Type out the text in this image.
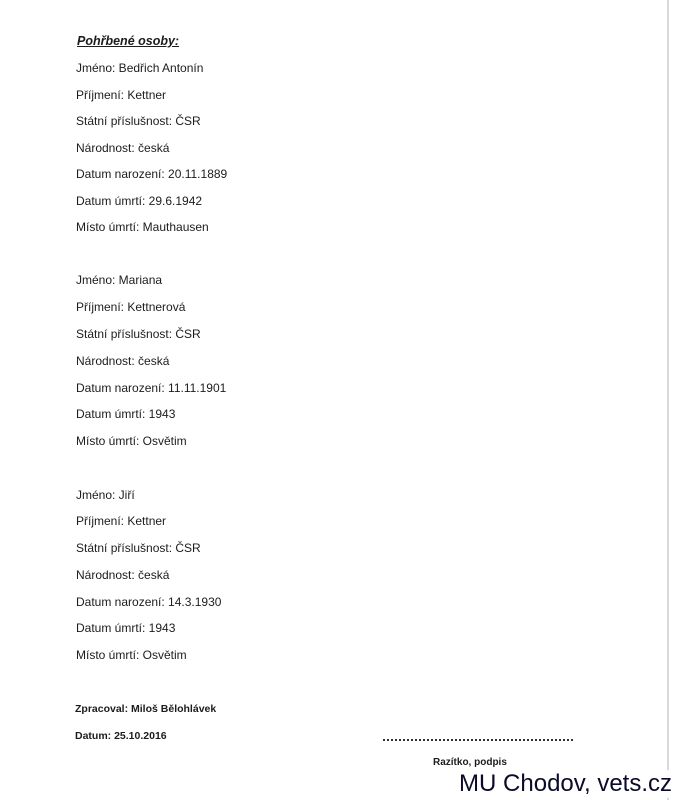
Pohřbené osoby:
Jméno: Bedřich Antonín
Příjmení: Kettner
Státní příslušnost: ČSR
Národnost: česká
Datum narození: 20.11.1889
Datum úmrtí: 29.6.1942
Místo úmrtí: Mauthausen
Jméno: Mariana
Příjmení: Kettnerová
Státní příslušnost: ČSR
Národnost: česká
Datum narození: 11.11.1901
Datum úmrtí: 1943
Místo úmrtí: Osvětim
Jméno: Jiří
Příjmení: Kettner
Státní příslušnost: ČSR
Národnost: česká
Datum narození: 14.3.1930
Datum úmrtí: 1943
Místo úmrtí: Osvětim
Zpracoval: Miloš Bělohlávek
Datum: 25.10.2016
Razítko, podpis
MU Chodov, vets.cz
